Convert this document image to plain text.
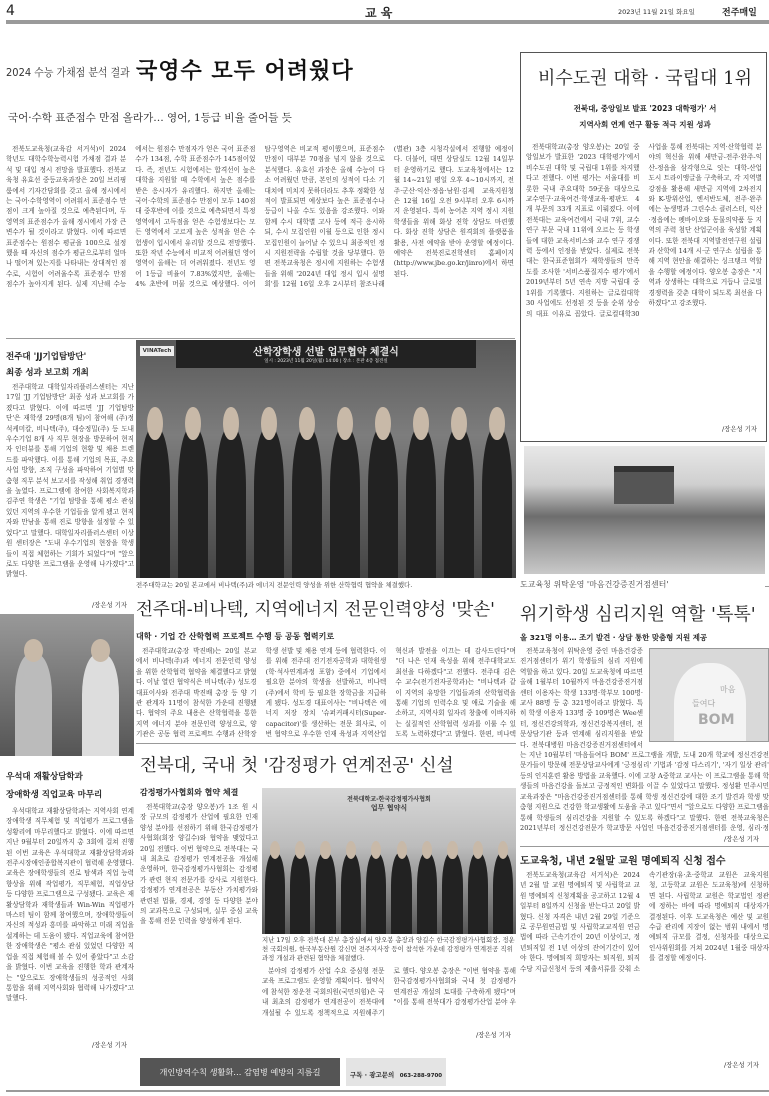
4	교 육	2023년 11월 21일 화요일	전주매일
2024 수능 가채점 분석 결과 국영수 모두 어려웠다
국어·수학 표준점수 만점 올라가… 영어, 1등급 비율 줄어들 듯
전북도교육청(교육감 서거석)이 2024학년도 대학수학능력시험 가채점 결과 분석 및 대입 정시 전망을 발표했다. 전북교육청 유효선 중등교육과장은 20일 브리핑룸에서 기자간담회를 갖고 올해 정시에서는 국어·수학영역이 어려워서 표준점수 만점이 크게 높아질 것으로 예측된다며, 두 영역의 표준점수가 올해 정시에서 가장 큰 변수가 될 것이라고 밝혔다. 이에 따르면 표준점수는 원점수 평균을 100으로 설정했을 때 자신의 점수가 평균으로부터 얼마나 떨어져 있는지를 나타내는 상대적인 점수로, 시험이 어려울수록 표준점수 만점 점수가 높아지게 된다. 실제 지난해 수능에서는 원점수 만점자가 얻은 국어 표준점수가 134점, 수학 표준점수가 145점이었다. 즉, 전년도 시험에서는 합격선이 높은 대학을 지원할 때 수학에서 높은 점수를 받은 응시자가 유리했다. 하지만 올해는 국어·수학의 표준점수 만점이 모두 140점대 중후반에 이를 것으로 예측되면서 특정영역에서 고득점을 얻은 수험생보다는 모든 영역에서 고르게 높은 성적을 얻은 수험생이 입시에서 유리할 것으로 전망했다. 또한 작년 수능에서 비교적 어려웠던 영어영역이 올해는 더 어려워졌다. 전년도 영어 1등급 비율이 7.83%였지만, 올해는 4% 초반에 머물 것으로 예상했다. 이어 탐구영역은 비교적 평이했으며, 표준점수 만점이 대부분 70점을 넘지 않을 것으로 분석했다. 유효선 과장은 올해 수능이 다소 어려웠던 만큼, 본인의 성적이 다소 기대치에 미치지 못하더라도 추후 정확한 성적이 발표되면 예상보다 높은 표준점수나 등급이 나올 수도 있음을 강조했다. 이와 함께 수시 대학별 고사 등에 적극 응시하되, 수시 모집인원 이월 등으로 인한 정시 모집인원이 늘어날 수 있으니 최종적인 정시 지원전략을 수립할 것을 당부했다. 한편 전북교육청은 정시에 지원하는 수험생들을 위해 '2024년 대입 정시 입시 설명회'를 12월 16일 오후 2시부터 참조나래(별관) 3층 시청각실에서 진행할 예정이다. 더불어, 대면 상담실도 12월 14일부터 운영하기로 했다. 도교육청에서는 12월 14~21일 평일 오후 4~10시까지, 전주·군산·익산·정읍·남원·김제 교육지원청은 12월 16일 오전 9시부터 오후 6시까지 운영된다. 특히 농어촌 지역 정시 지원 학생들을 위해 화상 진학 상담도 마련했다. 화상 진학 상담은 원격회의 플랫폼을 활용, 사전 예약을 받아 운영할 예정이다. 예약은 전북진로진학센터 홈페이지(http://www.jbe.go.kr/jinro)에서 하면 된다.
비수도권 대학 · 국립대 1위
전북대, 중앙일보 발표 '2023 대학평가' 서
지역사회 연계 연구 활동 적극 지원 성과
전북대학교(총장 양오봉)는 20일 중앙일보가 발표한 '2023 대학평가'에서 비수도권 대학 및 국립대 1위를 차지했다고 전했다. 이번 평가는 서울대를 비롯한 국내 주요대학 59곳을 대상으로 교수연구·교육여건·학생교육·평판도 4개 부문의 33개 지표로 이뤄졌다. 이에 전북대는 교육여건에서 국내 7위, 교수연구 부문 국내 11위에 오르는 등 학생들에 대한 교육서비스와 교수 연구 경쟁력 등에서 인정을 받았다. 실제로 전북대는 한국표준협회가 재학생들의 만족도를 조사한 '서비스품질지수 평가'에서 2019년부터 5년 연속 지방 국립대 중 1위를 기록했다. 지원하는 글로컬대학30 사업에도 선정된 것 등을 순위 상승의 대표 이유로 꼽았다. 글로컬대학30 사업을 통해 전북대는 지역·산학협력 분야의 혁신을 위해 새만금-전주·완주-익산-정읍을 삼각형으로 잇는 대학-산업 도시 트라이앵글을 구축하고, 각 지역별 강점을 활용해 새만금 지역에 2차전지와 K-방위산업, 엔서반도체, 전주·완주에는 농생명과 그린수소 클러스터, 익산·정읍에는 펫바이오와 동물의약품 등 지역의 주력 첨단 산업군이을 육성할 계획이다. 또한 전북대 지역발전연구원 설립과 산학에 14개 시·군 연구소 설립을 통해 지역 현안을 해결하는 싱크탱크 역할을 수행할 예정이다. 양오봉 총장은 "지역과 상생하는 대학으로 거듭나 글로벌 경쟁력을 갖춘 대학이 되도록 최선을 다하겠다"고 강조했다.
/장은성 기자
전주대 'JJ기업탐방단'
최종 성과 보고회 개최
전주대학교 대학일자리플러스센터는 지난 17일 'JJ 기업탐방단' 최종 성과 보고회를 가졌다고 밝혔다. 이에 따르면 'JJ 기업탐방단'은 재학생 29명(8개 팀)이 참여해 (주)정석케미칼, 비나텍(주), 대승정밀(주) 등 도내 우수기업 8개 사 직무 현장을 방문하여 현직자 인터뷰를 통해 기업의 현황 및 채용 트렌드를 파악했다. 이를 통해 기업의 목표, 주요 사업 방향, 조직 구성을 파악하여 기업별 맞춤형 직무 분석 보고서를 작성해 취업 경쟁력을 높였다. 프로그램에 참여한 사회복지학과 김주연 학생은 "기업 탐방을 통해 평소 관심 있던 지역의 우수한 기업들을 알게 됐고 현직자와 만남을 통해 진로 방향을 설정할 수 있었다"고 말했다. 대학일자리플러스센터 이상원 센터장은 "도내 우수기업의 현장을 학생들이 직접 체험하는 기회가 되었다"며 "앞으로도 다양한 프로그램을 운영해 나가겠다"고 밝혔다.
/장은성 기자
VINATech	산학장학생 선발 업무협약 체결식
일시 : 2023년 11월 20일(월) 14:00 | 장소 : 본관 4층 접견실
전주대학교는 20일 본교에서 비나텍(주)과 에너지 전문인력 양성을 위한 산학협력 협약을 체결했다.
전주대-비나텍, 지역에너지 전문인력양성 '맞손'
대학 · 기업 간 산학협력 프로젝트 수행 등 공동 협력키로
전주대학교(총장 박진배)는 20일 본교에서 비나텍(주)과 에너지 전문인력 양성을 위한 산학협력 협약을 체결했다고 밝혔다. 이날 열린 협약식은 비나텍(주) 성도경 대표이사와 전주대 박진배 총장 등 양 기관 관계자 11명이 참석한 가운데 진행됐다. 협약의 주요 내용은 산학협력을 통한 지역 에너지 분야 전문인력 양성으로, 양 기관은 공동 협력 프로젝트 수행과 산학장학생 선발 및 채용 연계 등에 협력한다. 이를 위해 전주대 전기전자공학과 대학원생(학·석사연계과정 포함) 중에서 기업에서 필요한 분야의 학생을 선발하고, 비나텍(주)에서 학비 등 필요한 장학금을 지급하게 됐다. 성도경 대표이사는 "비나텍은 에너지 저장 장치 '슈퍼커패시터(Super-capacitor)'를 생산하는 전문 회사로, 이번 협약으로 우수한 인재 육성과 지역산업 혁신과 발전을 이끄는 데 감사드린다"며 "더 나은 인재 육성을 위해 전주대학교도 최선을 다하겠다"고 전했다. 전주대 김은수 교수(전기전자공학과)는 "비나텍과 같이 지역의 유망한 기업들과의 산학협력을 통해 기업의 인력수요 및 애로 기술을 해소하고, 지역사회 일자리 창출에 이바지하는 실질적인 산학협력 성과를 이룰 수 있도록 노력하겠다"고 밝혔다. 한편, 비나텍
우석대 재활상담학과
장애학생 직업교육 마무리
우석대학교 재활상담학과는 지역사회 연계 장애학생 직무체험 및 직업평가 프로그램을 성황리에 마무리했다고 밝혔다. 이에 따르면 지난 9월부터 20일까지 총 3회에 걸쳐 진행된 이번 교육은 우석대학교 재활상담학과와 전주시장애인종합복지관이 협력해 운영했다. 교육은 장애학생들의 진로 탐색과 직업 능력 향상을 위해 작업평가, 직무체험, 직업상담 등 다양한 프로그램으로 구성됐다. 교육은 재활상담학과 재학생들과 Win-Win 직업평가 마스터 팀이 함께 참여했으며, 장애학생들이 자신의 적성과 흥미를 파악하고 미래 직업을 설계하는 데 도움이 됐다. 직업교육에 참여한 한 장애학생은 "평소 관심 있었던 다양한 직업을 직접 체험해 볼 수 있어 좋았다"고 소감을 밝혔다. 이번 교육을 진행한 학과 관계자는 "앞으로도 장애학생들의 성공적인 사회 통합을 위해 지역사회와 협력해 나가겠다"고 말했다.
/장은성 기자
전북대, 국내 첫 '감정평가 연계전공' 신설
감정평가사협회와 협약 체결
전북대학교(총장 양오봉)가 1조 원 시장 규모의 감정평가 산업에 필요한 인재양성 분야를 선점하기 위해 한국감정평가사협회(회장 양길수)와 협약을 맺었다고 20일 전했다. 이번 협약으로 전북대는 국내 최초로 감정평가 연계전공을 개설해 운영하며, 한국감정평가사협회는 감정평가 관련 현직 전문가를 강사로 지원한다. 감정평가 연계전공은 부동산 가치평가와 관련된 법률, 경제, 경영 등 다양한 분야의 교과목으로 구성되며, 실무 중심 교육을 통해 전문 인력을 양성하게 된다.
전북대학교-한국감정평가사협회
업무 협약식
지난 17일 오후 전북대 본부 총장실에서 양오봉 총장과 양길수 한국감정평가사협회장, 정운천 국회의원, 한국부동산원 강신면 전주지사장 등이 참석한 가운데 감정평가 연계전공 직위과정 개설과 관련된 협약을 체결했다.
분야의 감정평가 산업 수요 중심형 전문 교육 프로그램도 운영할 계획이다. 협약식에 참석한 정운천 국회의원(국민의힘)은 국내 최초의 감정평가 연계전공이 전북대에 개설될 수 있도록 정책적으로 지원해주기로 했다. 양오봉 총장은 "이번 협약을 통해 한국감정평가사협회와 국내 첫 감정평가 연계전공 개설의 토대를 구축하게 됐다"며 "이를 통해 전북대가 감정평가산업 분야 우
/장은성 기자
개인방역수칙 생활화… 감염병 예방의 지름길	구독 · 광고문의 063-288-9700
도교육청 위탁운영 '마음건강증진거점센터'
위기학생 심리지원 역할 '톡톡'
올 321명 이용… 조기 발견 · 상담 통한 맞춤형 지원 제공
마음
들여다
BOM
전북교육청이 위탁운영 중인 마음건강증진거점센터가 위기 학생들의 심리 지원에 역할을 하고 있다. 20일 도교육청에 따르면 올해 1월부터 10월까지 마음건강증진거점센터 이용자는 학생 133명·학부모 100명·교사 88명 등 총 321명이라고 밝혔다. 특히 학생 이용자 133명 중 109명은 Wee센터, 정신건강의학과, 정신건강복지센터, 전문상담기관 등과 연계해 심리지원을 받았다. 전북대병원 마음건강증진거점센터에서는 지난 10월부터 '마음들여다 BOM' 프로그램을 개발, 도내 20개 학교에 정신건강전문가들이 방문해 전문상담교사에게 '긍정심리' 기법과 '감정 다스리기', '자기 일상 관리' 등의 인지훈련 활용 방법을 교육했다. 이에 고창 A중학교 교사는 이 프로그램을 통해 학생들의 마음건강을 돌보고 긍정적인 변화를 이끌 수 있었다고 말했다. 정성환 민주시민교육과장은 "마음건강증진거점센터를 통해 학생 정신건강에 대한 조기 발견과 학생 맞춤형 지원으로 건강한 학교생활에 도움을 주고 있다"면서 "앞으로도 다양한 프로그램을 통해 학생들의 심리건강을 지원할 수 있도록 하겠다"고 말했다. 한편 전북교육청은 2021년부터 정신건강전문가 학교방문 사업인 마음건강증진거점센터를 운영, 심리·정
/장은성 기자
도교육청, 내년 2월말 교원 명예퇴직 신청 접수
전북도교육청(교육감 서거석)은 2024년 2월 말 교원 명예퇴직 및 사립학교 교원 명예퇴직 신청계획을 공고하고 12월 4일부터 8일까지 신청을 받는다고 20일 밝혔다. 신청 자격은 내년 2월 29일 기준으로 공무원연금법 및 사립학교교직원 연금법에 따라 근속기간이 20년 이상이고, 정년퇴직일 전 1년 이상의 잔여기간이 있어야 한다. 명예퇴직 희망자는 퇴직원, 퇴직수당 지급신청서 등의 제출서류를 갖춰 소속기관장(유·초·중학교 교원은 교육지원청, 고등학교 교원은 도교육청)에 신청하면 된다. 사립학교 교원은 학교법인 정관에 정하는 바에 따라 명예퇴직 대상자가 결정된다. 이후 도교육청은 예산 및 교원수급 관리에 지장이 없는 범위 내에서 명예퇴직 규모를 결정, 신청자를 대상으로 인사위원회를 거쳐 2024년 1월중 대상자를 결정할 예정이다.
/장은성 기자
